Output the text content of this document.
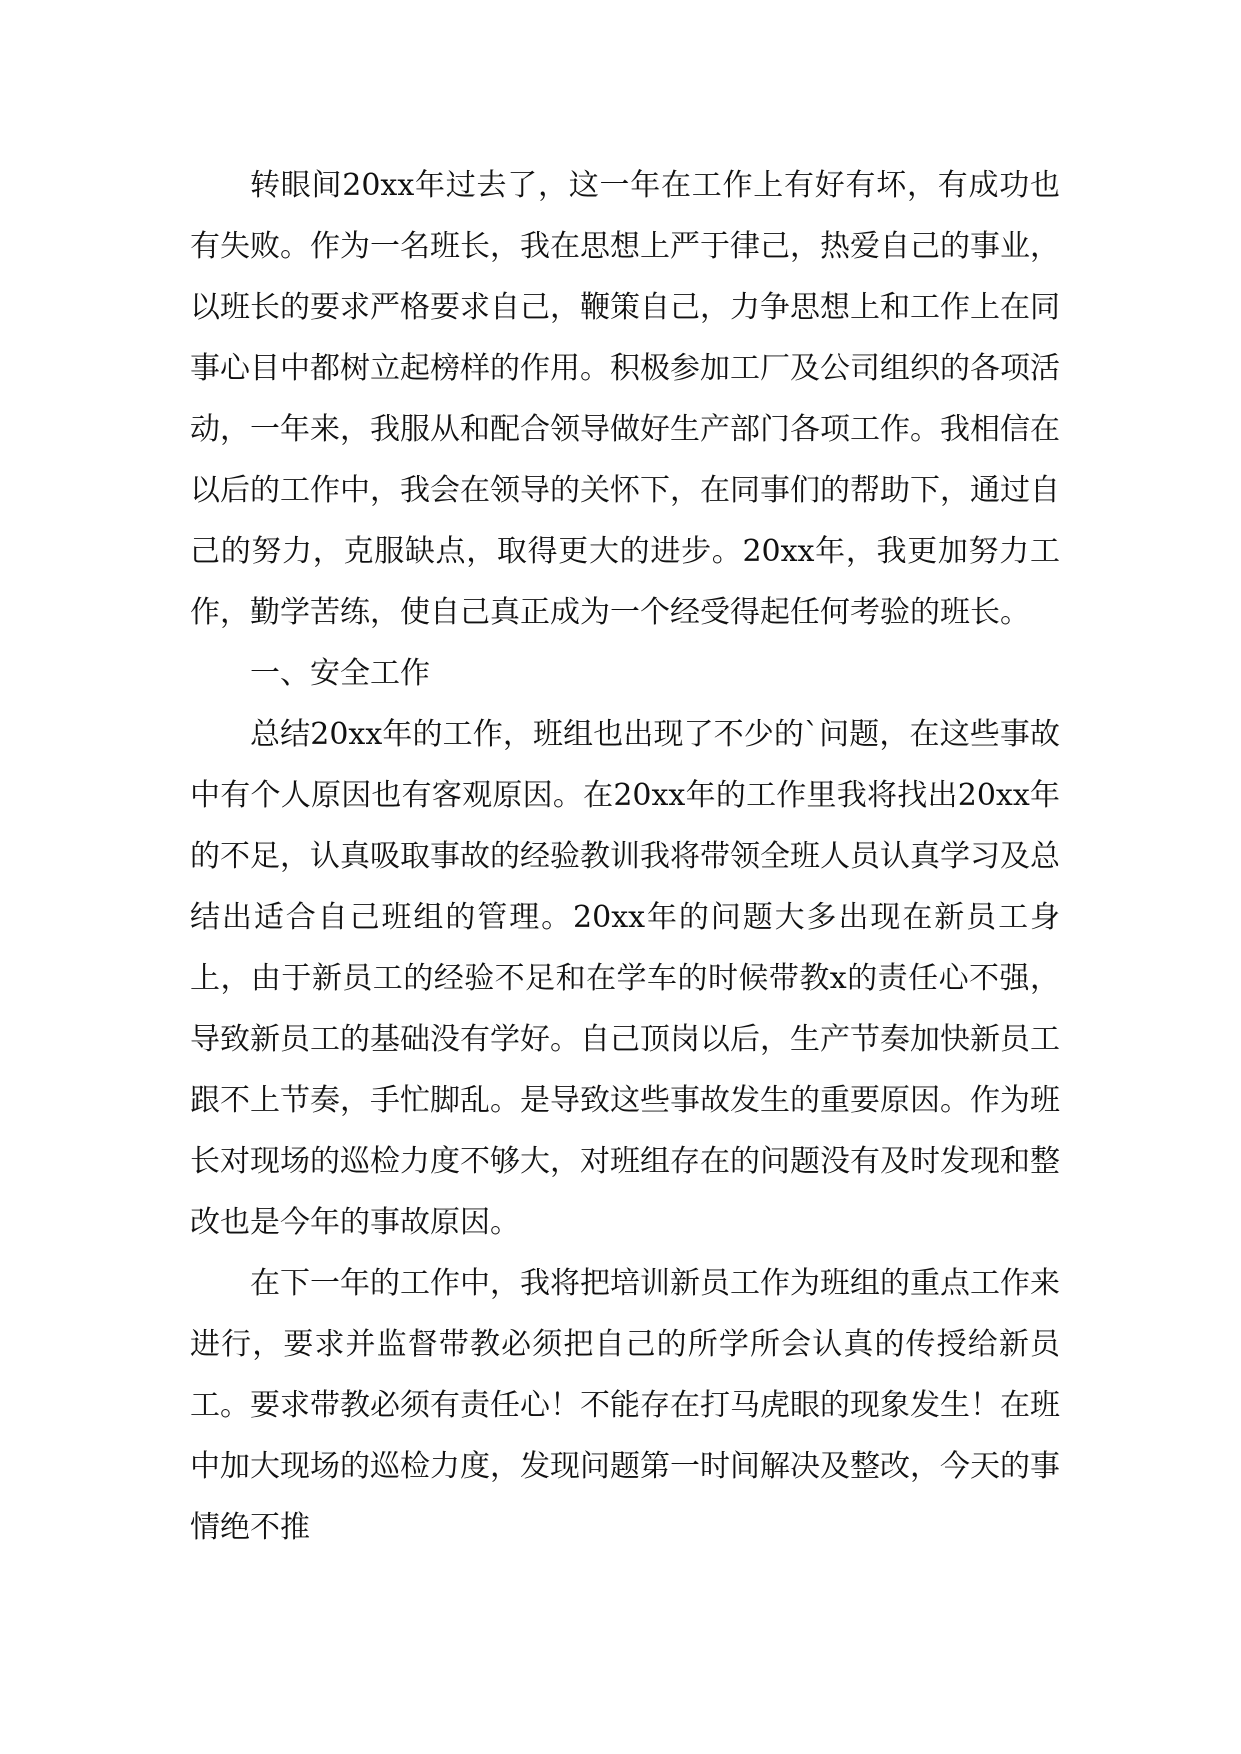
转眼间20xx年过去了，这一年在工作上有好有坏，有成功也有失败。作为一名班长，我在思想上严于律己，热爱自己的事业，以班长的要求严格要求自己，鞭策自己，力争思想上和工作上在同事心目中都树立起榜样的作用。积极参加工厂及公司组织的各项活动，一年来，我服从和配合领导做好生产部门各项工作。我相信在以后的工作中，我会在领导的关怀下，在同事们的帮助下，通过自己的努力，克服缺点，取得更大的进步。20xx年，我更加努力工作，勤学苦练，使自己真正成为一个经受得起任何考验的班长。

一、安全工作

总结20xx年的工作，班组也出现了不少的`问题，在这些事故中有个人原因也有客观原因。在20xx年的工作里我将找出20xx年的不足，认真吸取事故的经验教训我将带领全班人员认真学习及总结出适合自己班组的管理。20xx年的问题大多出现在新员工身上，由于新员工的经验不足和在学车的时候带教x的责任心不强，导致新员工的基础没有学好。自己顶岗以后，生产节奏加快新员工跟不上节奏，手忙脚乱。是导致这些事故发生的重要原因。作为班长对现场的巡检力度不够大，对班组存在的问题没有及时发现和整改也是今年的事故原因。

在下一年的工作中，我将把培训新员工作为班组的重点工作来进行，要求并监督带教必须把自己的所学所会认真的传授给新员工。要求带教必须有责任心！不能存在打马虎眼的现象发生！在班中加大现场的巡检力度，发现问题第一时间解决及整改，今天的事情绝不推
